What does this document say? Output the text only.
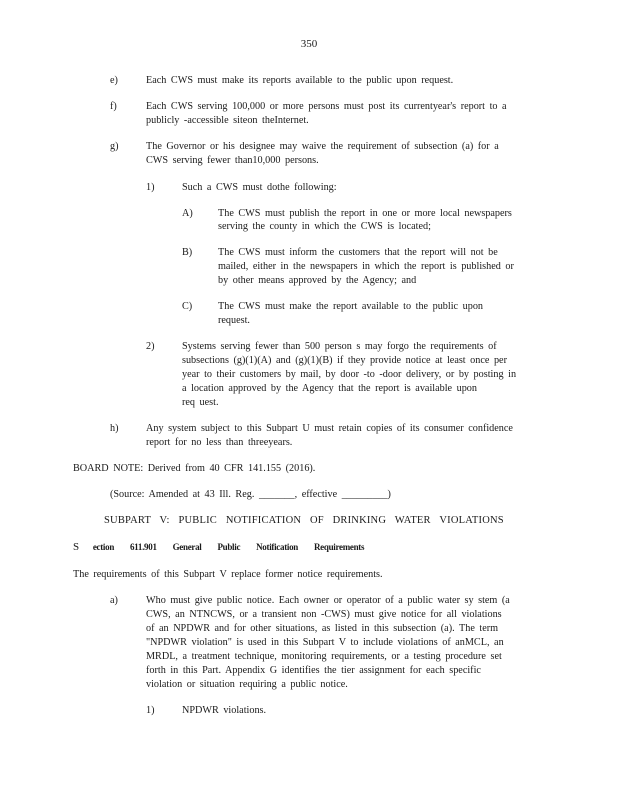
350
e)	Each CWS must make its reports available to the public upon request.
f)	Each CWS serving 100,000 or more persons must post its currentyear's report to a
publicly -accessible siteon theInternet.
g)	The Governor or his designee may waive the requirement of subsection (a) for a
CWS serving fewer than10,000 persons.
1)	Such a CWS must dothe following:
A) The CWS must publish the report in one or more local newspapers
serving the county in which the CWS is located;
B)	The CWS must inform the customers that the report will not be
mailed, either in the newspapers in which the report is published or
by other means approved by the Agency; and
C)	The CWS must make the report available to the public upon
request.
2)	Systems serving fewer than 500 person s may forgo the requirements of
subsections (g)(1)(A) and (g)(1)(B) if they provide notice at least once per
year to their customers by mail, by door -to -door delivery, or by posting in
a location approved by the Agency that the report is available upon
req uest.
h)	Any system subject to this Subpart U must retain copies of its consumer confidence
report for no less than threeyears.
BOARD NOTE: Derived from 40 CFR 141.155 (2016).
(Source: Amended at 43 Ill. Reg. _______, effective _________)
SUBPART V: PUBLIC NOTIFICATION OF DRINKING WATER VIOLATIONS
S ection 611.901 General Public Notification Requirements
The requirements of this Subpart V replace former notice requirements.
a)	Who must give public notice. Each owner or operator of a public water sy stem (a
CWS, an NTNCWS, or a transient non -CWS) must give notice for all violations
of an NPDWR and for other situations, as listed in this subsection (a). The term
"NPDWR violation" is used in this Subpart V to include violations of anMCL, an
MRDL, a treatment technique, monitoring requirements, or a testing procedure set
forth in this Part. Appendix G identifies the tier assignment for each specific
violation or situation requiring a public notice.
1)	NPDWR violations.
